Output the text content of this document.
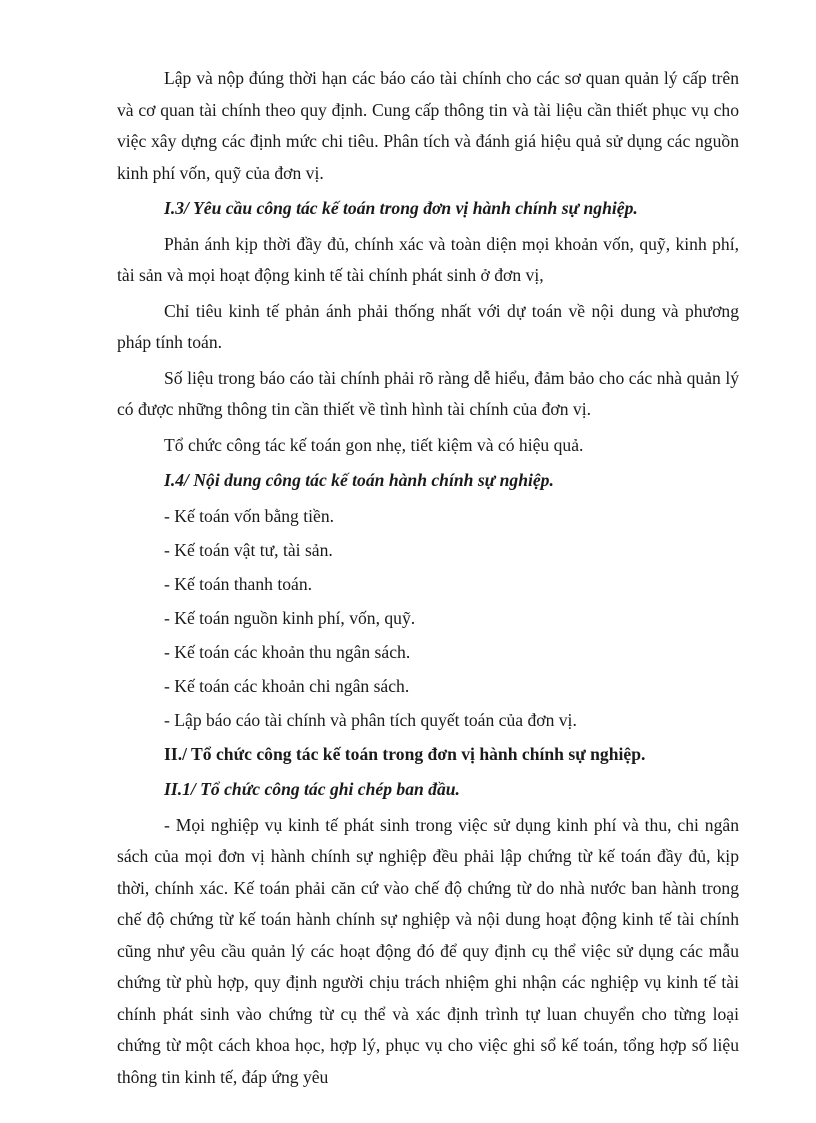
Lập và nộp đúng thời hạn các báo cáo tài chính cho các sơ quan quản lý cấp trên và cơ quan tài chính theo quy định. Cung cấp thông tin và tài liệu cần thiết phục vụ cho việc xây dựng các định mức chi tiêu. Phân tích và đánh giá hiệu quả sử dụng các nguồn kinh phí vốn, quỹ của đơn vị.

I.3/ Yêu cầu công tác kế toán trong đơn vị hành chính sự nghiệp.

Phản ánh kịp thời đầy đủ, chính xác và toàn diện mọi khoản vốn, quỹ, kinh phí, tài sản và mọi hoạt động kinh tế tài chính phát sinh ở đơn vị,

Chỉ tiêu kinh tế phản ánh phải thống nhất với dự toán về nội dung và phương pháp tính toán.

Số liệu trong báo cáo tài chính phải rõ ràng dễ hiểu, đảm bảo cho các nhà quản lý có được những thông tin cần thiết về tình hình tài chính của đơn vị.

Tổ chức công tác kế toán gon nhẹ, tiết kiệm và có hiệu quả.

I.4/ Nội dung công tác kế toán hành chính sự nghiệp.

- Kế toán vốn bằng tiền.
- Kế toán vật tư, tài sản.
- Kế toán thanh toán.
- Kế toán nguồn kinh phí, vốn, quỹ.
- Kế toán các khoản thu ngân sách.
- Kế toán các khoản chi ngân sách.
- Lập báo cáo tài chính và phân tích quyết toán của đơn vị.

II./ Tổ chức công tác kế toán trong đơn vị hành chính sự nghiệp.

II.1/ Tổ chức công tác ghi chép ban đầu.

- Mọi nghiệp vụ kinh tế phát sinh trong việc sử dụng kinh phí và thu, chi ngân sách của mọi đơn vị hành chính sự nghiệp đều phải lập chứng từ kế toán đầy đủ, kịp thời, chính xác. Kế toán phải căn cứ vào chế độ chứng từ do nhà nước ban hành trong chế độ chứng từ kế toán hành chính sự nghiệp và nội dung hoạt động kinh tế tài chính cũng như yêu cầu quản lý các hoạt động đó để quy định cụ thể việc sử dụng các mẫu chứng từ phù hợp, quy định người chịu trách nhiệm ghi nhận các nghiệp vụ kinh tế tài chính phát sinh vào chứng từ cụ thể và xác định trình tự luan chuyển cho từng loại chứng từ một cách khoa học, hợp lý, phục vụ cho việc ghi sổ kế toán, tổng hợp số liệu thông tin kinh tế, đáp ứng yêu
